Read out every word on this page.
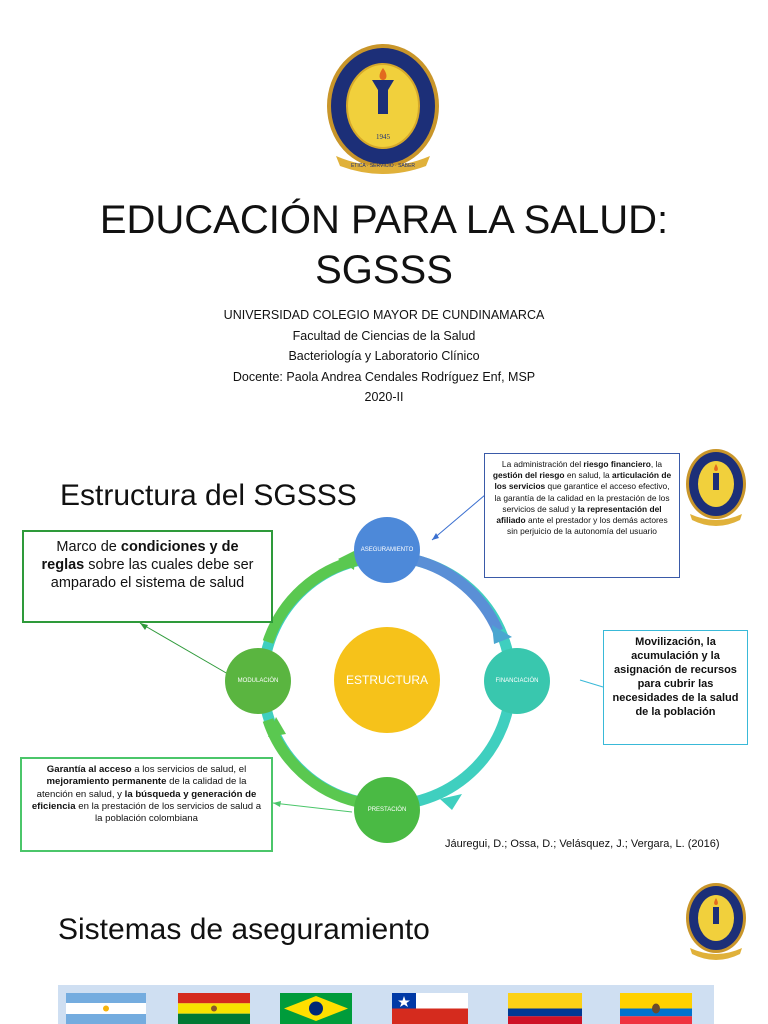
1945
ETICA · SERVICIO · SABER
EDUCACIÓN PARA LA SALUD:
SGSSS
UNIVERSIDAD COLEGIO MAYOR DE CUNDINAMARCA
Facultad de Ciencias de la Salud
Bacteriología y Laboratorio Clínico
Docente: Paola Andrea Cendales Rodríguez Enf, MSP
2020-II
Estructura del SGSSS
ASEGURAMIENTO
FINANCIACIÓN
PRESTACIÓN
MODULACIÓN	ESTRUCTURA
Marco de condiciones y de reglas sobre las cuales debe ser amparado el sistema de salud
La administración del riesgo financiero, la gestión del riesgo en salud, la articulación de los servicios que garantice el acceso efectivo, la garantía de la calidad en la prestación de los servicios de salud y la representación del afiliado ante el prestador y los demás actores sin perjuicio de la autonomía del usuario
Movilización, la acumulación y la asignación de recursos para cubrir las necesidades de la salud de la población
Garantía al acceso a los servicios de salud, el mejoramiento permanente de la calidad de la atención en salud, y la búsqueda y generación de eficiencia en la prestación de los servicios de salud a la población colombiana
Jáuregui, D.; Ossa, D.; Velásquez, J.; Vergara, L. (2016)
Sistemas de aseguramiento
